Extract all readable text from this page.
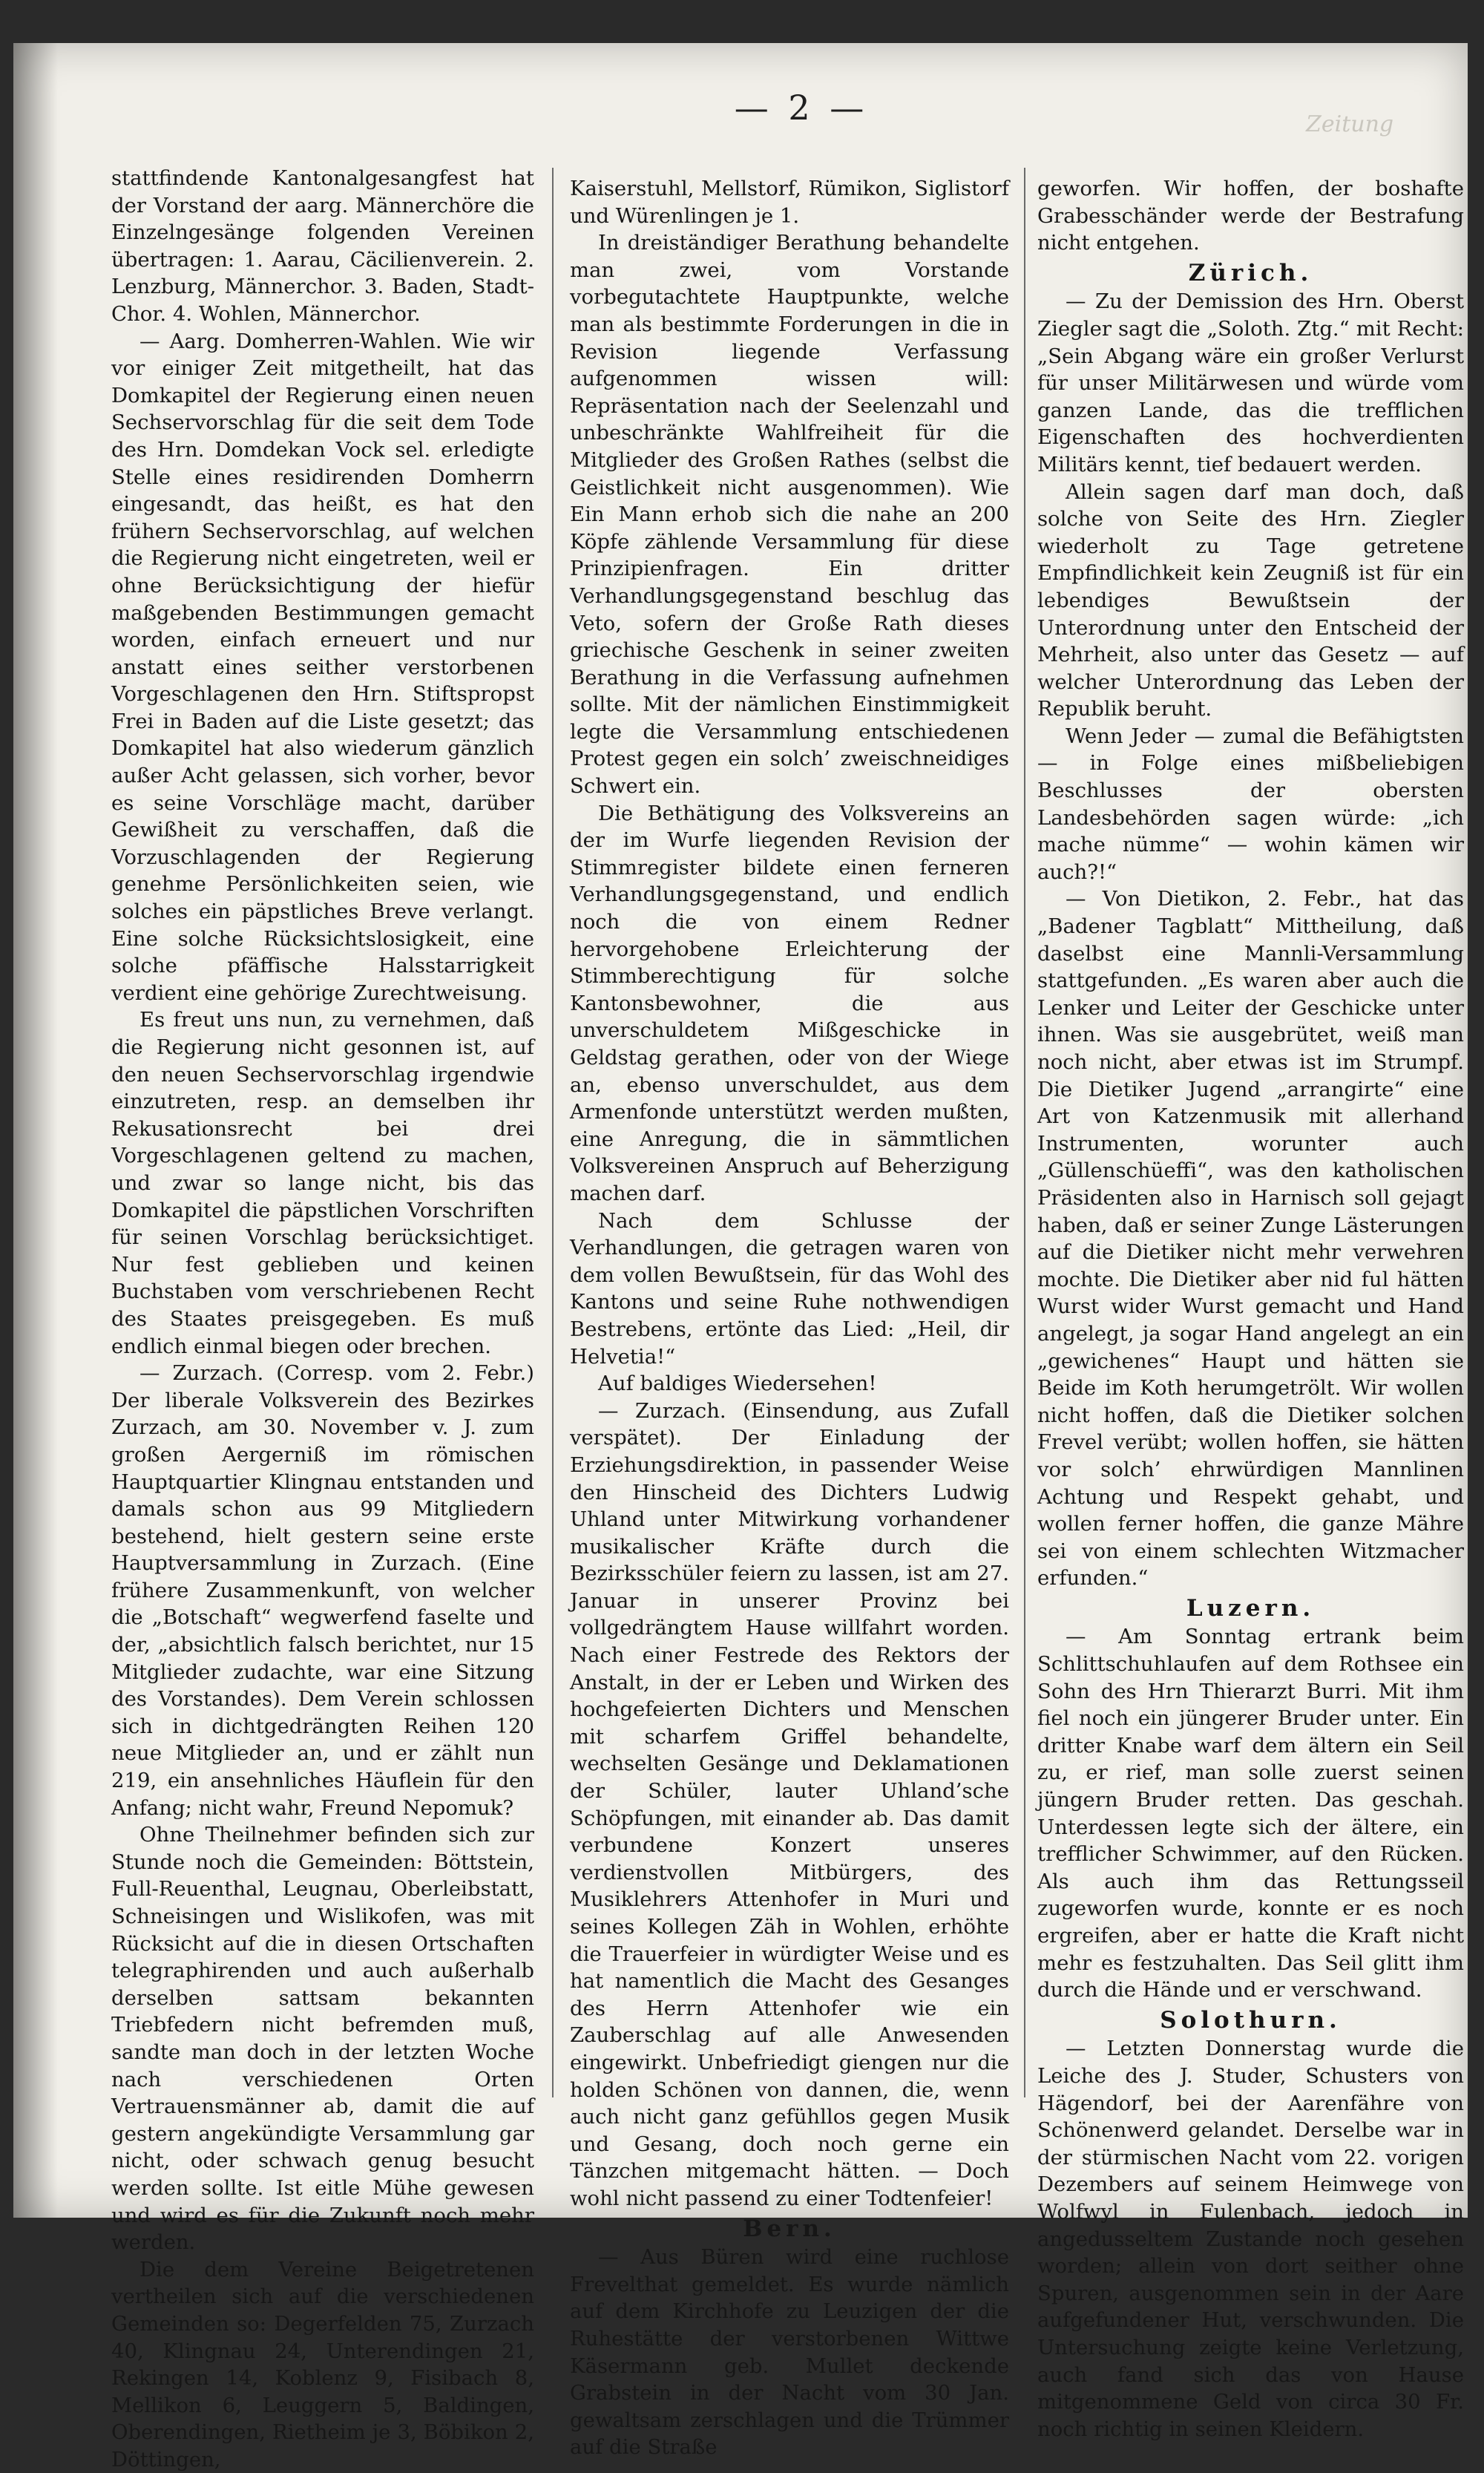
— 2 —	Zeitung

stattfindende Kantonalgesangfest hat der Vorstand der aarg. Männerchöre die Einzelngesänge folgenden Vereinen übertragen: 1. Aarau, Cäcilienverein. 2. Lenzburg, Männerchor. 3. Baden, Stadt-Chor. 4. Wohlen, Männerchor.

— Aarg. Domherren-Wahlen. Wie wir vor einiger Zeit mitgetheilt, hat das Domkapitel der Regierung einen neuen Sechservorschlag für die seit dem Tode des Hrn. Domdekan Vock sel. erledigte Stelle eines residirenden Domherrn eingesandt, das heißt, es hat den frühern Sechservorschlag, auf welchen die Regierung nicht eingetreten, weil er ohne Berücksichtigung der hiefür maßgebenden Bestimmungen gemacht worden, einfach erneuert und nur anstatt eines seither verstorbenen Vorgeschlagenen den Hrn. Stiftspropst Frei in Baden auf die Liste gesetzt; das Domkapitel hat also wiederum gänzlich außer Acht gelassen, sich vorher, bevor es seine Vorschläge macht, darüber Gewißheit zu verschaffen, daß die Vorzuschlagenden der Regierung genehme Persönlichkeiten seien, wie solches ein päpstliches Breve verlangt. Eine solche Rücksichtslosigkeit, eine solche pfäffische Halsstarrigkeit verdient eine gehörige Zurechtweisung.

Es freut uns nun, zu vernehmen, daß die Regierung nicht gesonnen ist, auf den neuen Sechservorschlag irgendwie einzutreten, resp. an demselben ihr Rekusationsrecht bei drei Vorgeschlagenen geltend zu machen, und zwar so lange nicht, bis das Domkapitel die päpstlichen Vorschriften für seinen Vorschlag berücksichtiget. Nur fest geblieben und keinen Buchstaben vom verschriebenen Recht des Staates preisgegeben. Es muß endlich einmal biegen oder brechen.

— Zurzach. (Corresp. vom 2. Febr.) Der liberale Volksverein des Bezirkes Zurzach, am 30. November v. J. zum großen Aergerniß im römischen Hauptquartier Klingnau entstanden und damals schon aus 99 Mitgliedern bestehend, hielt gestern seine erste Hauptversammlung in Zurzach. (Eine frühere Zusammenkunft, von welcher die „Botschaft“ wegwerfend faselte und der, „absichtlich falsch berichtet, nur 15 Mitglieder zudachte, war eine Sitzung des Vorstandes). Dem Verein schlossen sich in dichtgedrängten Reihen 120 neue Mitglieder an, und er zählt nun 219, ein ansehnliches Häuflein für den Anfang; nicht wahr, Freund Nepomuk?

Ohne Theilnehmer befinden sich zur Stunde noch die Gemeinden: Böttstein, Full-Reuenthal, Leugnau, Oberleibstatt, Schneisingen und Wislikofen, was mit Rücksicht auf die in diesen Ortschaften telegraphirenden und auch außerhalb derselben sattsam bekannten Triebfedern nicht befremden muß, sandte man doch in der letzten Woche nach verschiedenen Orten Vertrauensmänner ab, damit die auf gestern angekündigte Versammlung gar nicht, oder schwach genug besucht werden sollte. Ist eitle Mühe gewesen und wird es für die Zukunft noch mehr werden.

Die dem Vereine Beigetretenen vertheilen sich auf die verschiedenen Gemeinden so: Degerfelden 75, Zurzach 40, Klingnau 24, Unterendingen 21, Rekingen 14, Koblenz 9, Fisibach 8, Mellikon 6, Leuggern 5, Baldingen, Oberendingen, Rietheim je 3, Böbikon 2, Döttingen,

Kaiserstuhl, Mellstorf, Rümikon, Siglistorf und Würenlingen je 1.

In dreiständiger Berathung behandelte man zwei, vom Vorstande vorbegutachtete Hauptpunkte, welche man als bestimmte Forderungen in die in Revision liegende Verfassung aufgenommen wissen will: Repräsentation nach der Seelenzahl und unbeschränkte Wahlfreiheit für die Mitglieder des Großen Rathes (selbst die Geistlichkeit nicht ausgenommen). Wie Ein Mann erhob sich die nahe an 200 Köpfe zählende Versammlung für diese Prinzipienfragen. Ein dritter Verhandlungsgegenstand beschlug das Veto, sofern der Große Rath dieses griechische Geschenk in seiner zweiten Berathung in die Verfassung aufnehmen sollte. Mit der nämlichen Einstimmigkeit legte die Versammlung entschiedenen Protest gegen ein solch’ zweischneidiges Schwert ein.

Die Bethätigung des Volksvereins an der im Wurfe liegenden Revision der Stimmregister bildete einen ferneren Verhandlungsgegenstand, und endlich noch die von einem Redner hervorgehobene Erleichterung der Stimmberechtigung für solche Kantonsbewohner, die aus unverschuldetem Mißgeschicke in Geldstag gerathen, oder von der Wiege an, ebenso unverschuldet, aus dem Armenfonde unterstützt werden mußten, eine Anregung, die in sämmtlichen Volksvereinen Anspruch auf Beherzigung machen darf.

Nach dem Schlusse der Verhandlungen, die getragen waren von dem vollen Bewußtsein, für das Wohl des Kantons und seine Ruhe nothwendigen Bestrebens, ertönte das Lied: „Heil, dir Helvetia!“

Auf baldiges Wiedersehen!

— Zurzach. (Einsendung, aus Zufall verspätet). Der Einladung der Erziehungsdirektion, in passender Weise den Hinscheid des Dichters Ludwig Uhland unter Mitwirkung vorhandener musikalischer Kräfte durch die Bezirksschüler feiern zu lassen, ist am 27. Januar in unserer Provinz bei vollgedrängtem Hause willfahrt worden. Nach einer Festrede des Rektors der Anstalt, in der er Leben und Wirken des hochgefeierten Dichters und Menschen mit scharfem Griffel behandelte, wechselten Gesänge und Deklamationen der Schüler, lauter Uhland’sche Schöpfungen, mit einander ab. Das damit verbundene Konzert unseres verdienstvollen Mitbürgers, des Musiklehrers Attenhofer in Muri und seines Kollegen Zäh in Wohlen, erhöhte die Trauerfeier in würdigter Weise und es hat namentlich die Macht des Gesanges des Herrn Attenhofer wie ein Zauberschlag auf alle Anwesenden eingewirkt. Unbefriedigt giengen nur die holden Schönen von dannen, die, wenn auch nicht ganz gefühllos gegen Musik und Gesang, doch noch gerne ein Tänzchen mitgemacht hätten. — Doch wohl nicht passend zu einer Todtenfeier!

Bern.

— Aus Büren wird eine ruchlose Frevelthat gemeldet. Es wurde nämlich auf dem Kirchhofe zu Leuzigen der die Ruhestätte der verstorbenen Wittwe Käsermann geb. Mullet deckende Grabstein in der Nacht vom 30 Jan. gewaltsam zerschlagen und die Trümmer auf die Straße

geworfen. Wir hoffen, der boshafte Grabesschänder werde der Bestrafung nicht entgehen.

Zürich.

— Zu der Demission des Hrn. Oberst Ziegler sagt die „Soloth. Ztg.“ mit Recht: „Sein Abgang wäre ein großer Verlurst für unser Militärwesen und würde vom ganzen Lande, das die trefflichen Eigenschaften des hochverdienten Militärs kennt, tief bedauert werden.

Allein sagen darf man doch, daß solche von Seite des Hrn. Ziegler wiederholt zu Tage getretene Empfindlichkeit kein Zeugniß ist für ein lebendiges Bewußtsein der Unterordnung unter den Entscheid der Mehrheit, also unter das Gesetz — auf welcher Unterordnung das Leben der Republik beruht.

Wenn Jeder — zumal die Befähigtsten — in Folge eines mißbeliebigen Beschlusses der obersten Landesbehörden sagen würde: „ich mache nümme“ — wohin kämen wir auch?!“

— Von Dietikon, 2. Febr., hat das „Badener Tagblatt“ Mittheilung, daß daselbst eine Mannli-Versammlung stattgefunden. „Es waren aber auch die Lenker und Leiter der Geschicke unter ihnen. Was sie ausgebrütet, weiß man noch nicht, aber etwas ist im Strumpf. Die Dietiker Jugend „arrangirte“ eine Art von Katzenmusik mit allerhand Instrumenten, worunter auch „Güllenschüeffi“, was den katholischen Präsidenten also in Harnisch soll gejagt haben, daß er seiner Zunge Lästerungen auf die Dietiker nicht mehr verwehren mochte. Die Dietiker aber nid ful hätten Wurst wider Wurst gemacht und Hand angelegt, ja sogar Hand angelegt an ein „gewichenes“ Haupt und hätten sie Beide im Koth herumgetrölt. Wir wollen nicht hoffen, daß die Dietiker solchen Frevel verübt; wollen hoffen, sie hätten vor solch’ ehrwürdigen Mannlinen Achtung und Respekt gehabt, und wollen ferner hoffen, die ganze Mähre sei von einem schlechten Witzmacher erfunden.“

Luzern.

— Am Sonntag ertrank beim Schlittschuhlaufen auf dem Rothsee ein Sohn des Hrn Thierarzt Burri. Mit ihm fiel noch ein jüngerer Bruder unter. Ein dritter Knabe warf dem ältern ein Seil zu, er rief, man solle zuerst seinen jüngern Bruder retten. Das geschah. Unterdessen legte sich der ältere, ein trefflicher Schwimmer, auf den Rücken. Als auch ihm das Rettungsseil zugeworfen wurde, konnte er es noch ergreifen, aber er hatte die Kraft nicht mehr es festzuhalten. Das Seil glitt ihm durch die Hände und er verschwand.

Solothurn.

— Letzten Donnerstag wurde die Leiche des J. Studer, Schusters von Hägendorf, bei der Aarenfähre von Schönenwerd gelandet. Derselbe war in der stürmischen Nacht vom 22. vorigen Dezembers auf seinem Heimwege von Wolfwyl in Fulenbach, jedoch in angedusseltem Zustande noch gesehen worden; allein von dort seither ohne Spuren, ausgenommen sein in der Aare aufgefundener Hut, verschwunden. Die Untersuchung zeigte keine Verletzung, auch fand sich das von Hause mitgenommene Geld von circa 30 Fr. noch richtig in seinen Kleidern.
